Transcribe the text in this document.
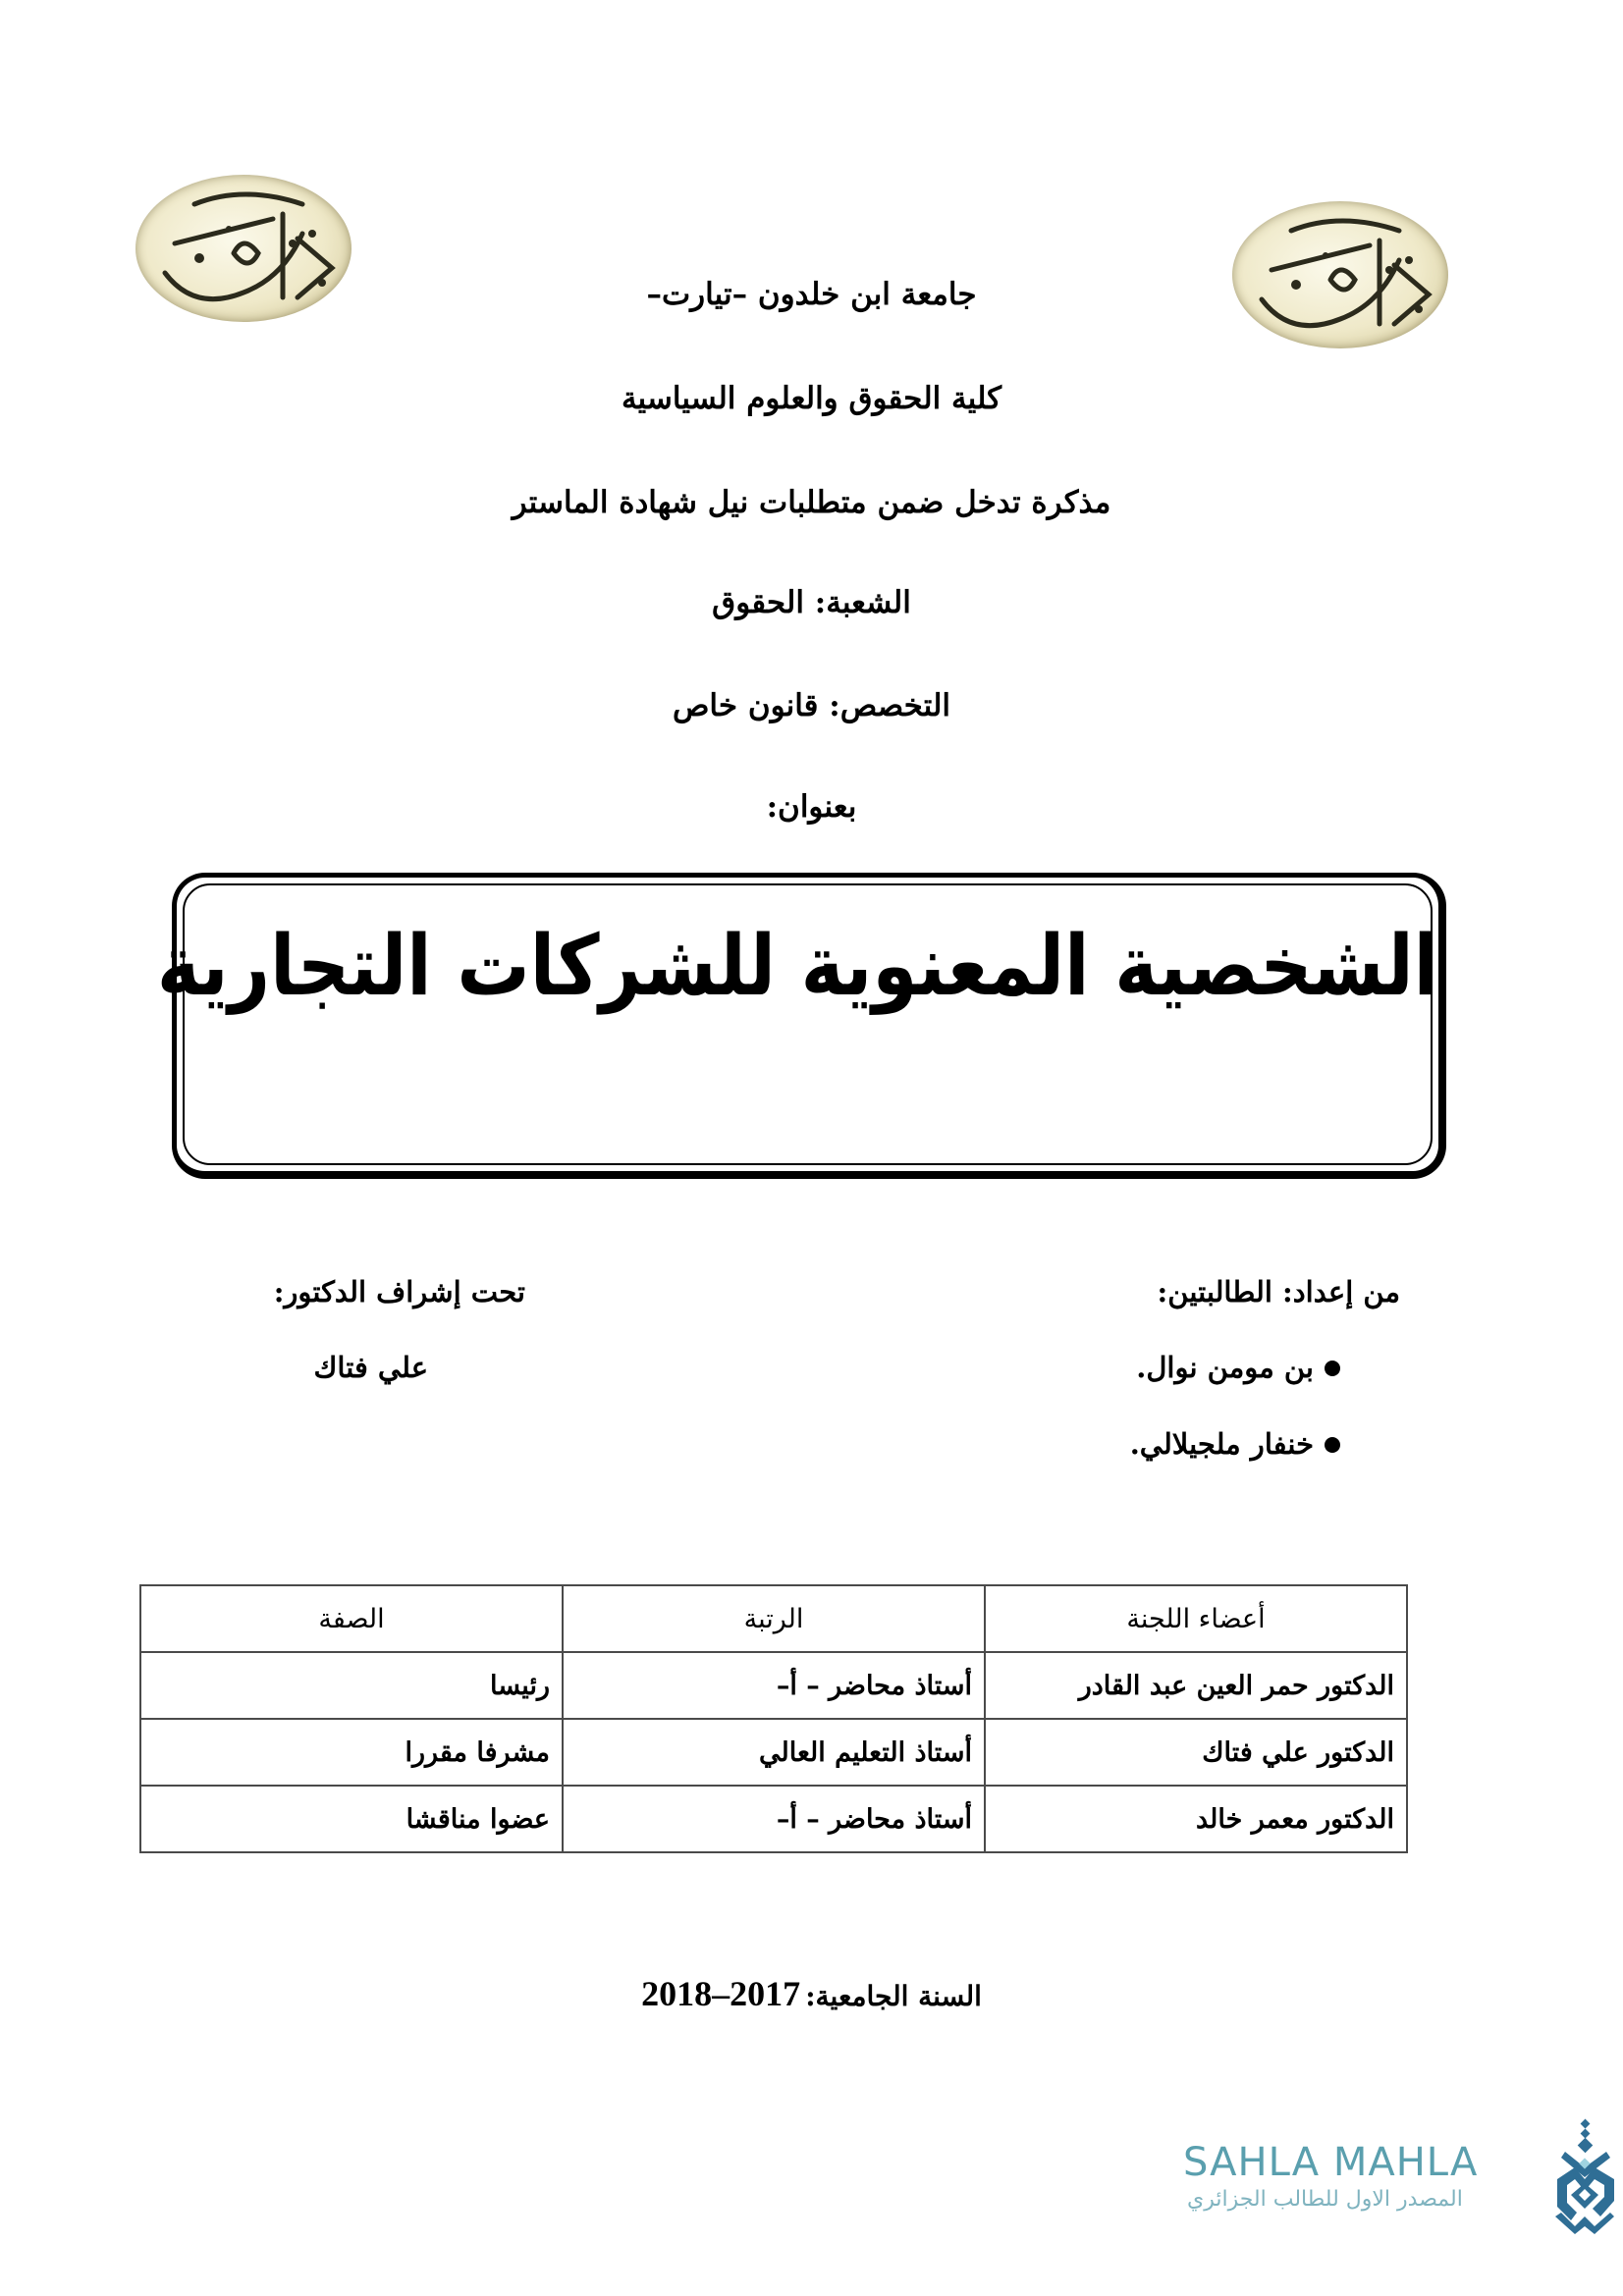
جامعة ابن خلدون –تيارت–
كلية الحقوق والعلوم السياسية
مذكرة تدخل ضمن متطلبات نيل شهادة الماستر
الشعبة: الحقوق
التخصص: قانون خاص
بعنوان:
الشخصية المعنوية للشركات التجارية
من إعداد: الطالبتين:
بن مومن نوال.
خنفار ملجيلالي.
تحت إشراف الدكتور:
علي فتاك
أعضاء اللجنة	الرتبة	الصفة
الدكتور حمر العين عبد القادر	أستاذ محاضر – أ–	رئيسا
الدكتور علي فتاك	أستاذ التعليم العالي	مشرفا مقررا
الدكتور معمر خالد	أستاذ محاضر – أ–	عضوا مناقشا
السنة الجامعية: 2018–2017
SAHLA MAHLA
المصدر الاول للطالب الجزائري
